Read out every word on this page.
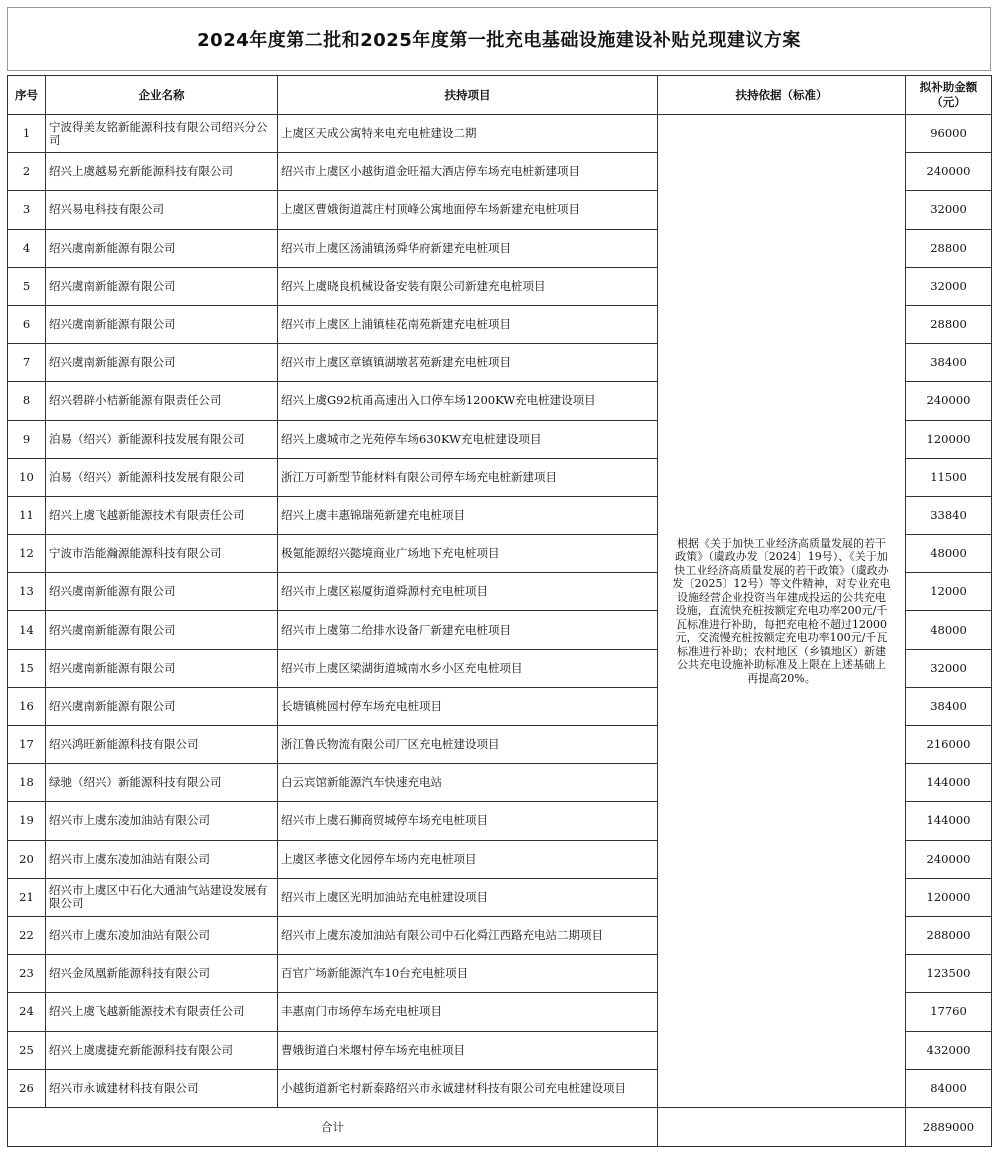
2024年度第二批和2025年度第一批充电基础设施建设补贴兑现建议方案
序号	企业名称	扶持项目	扶持依据（标准）	拟补助金额
（元）

1	宁波得美友铭新能源科技有限公司绍兴分公司	上虞区天成公寓特来电充电桩建设二期	根据《关于加快工业经济高质量发展的若干政策》（虞政办发〔2024〕19号）、《关于加快工业经济高质量发展的若干政策》（虞政办发〔2025〕12号）等文件精神，对专业充电设施经营企业投资当年建成投运的公共充电设施，直流快充桩按额定充电功率200元/千瓦标准进行补助，每把充电枪不超过12000元，交流慢充桩按额定充电功率100元/千瓦标准进行补助；农村地区（乡镇地区）新建公共充电设施补助标准及上限在上述基础上再提高20%。	96000

2	绍兴上虞越易充新能源科技有限公司	绍兴市上虞区小越街道金旺福大酒店停车场充电桩新建项目		240000

3	绍兴易电科技有限公司	上虞区曹娥街道蒿庄村顶峰公寓地面停车场新建充电桩项目		32000

4	绍兴虞南新能源有限公司	绍兴市上虞区汤浦镇汤舜华府新建充电桩项目		28800

5	绍兴虞南新能源有限公司	绍兴上虞晓良机械设备安装有限公司新建充电桩项目		32000

6	绍兴虞南新能源有限公司	绍兴市上虞区上浦镇桂花南苑新建充电桩项目		28800

7	绍兴虞南新能源有限公司	绍兴市上虞区章镇镇湖墩茗苑新建充电桩项目		38400

8	绍兴碧辟小桔新能源有限责任公司	绍兴上虞G92杭甬高速出入口停车场1200KW充电桩建设项目		240000

9	泊易（绍兴）新能源科技发展有限公司	绍兴上虞城市之光苑停车场630KW充电桩建设项目		120000

10	泊易（绍兴）新能源科技发展有限公司	浙江万可新型节能材料有限公司停车场充电桩新建项目		11500

11	绍兴上虞飞越新能源技术有限责任公司	绍兴上虞丰惠锦瑞苑新建充电桩项目		33840

12	宁波市浩能瀚源能源科技有限公司	极氪能源绍兴懿境商业广场地下充电桩项目		48000

13	绍兴虞南新能源有限公司	绍兴市上虞区崧厦街道舜源村充电桩项目		12000

14	绍兴虞南新能源有限公司	绍兴市上虞第二给排水设备厂新建充电桩项目		48000

15	绍兴虞南新能源有限公司	绍兴市上虞区梁湖街道城南水乡小区充电桩项目		32000

16	绍兴虞南新能源有限公司	长塘镇桃园村停车场充电桩项目		38400

17	绍兴鸿旺新能源科技有限公司	浙江鲁氏物流有限公司厂区充电桩建设项目		216000

18	绿驰（绍兴）新能源科技有限公司	白云宾馆新能源汽车快速充电站		144000

19	绍兴市上虞东凌加油站有限公司	绍兴市上虞石狮商贸城停车场充电桩项目		144000

20	绍兴市上虞东凌加油站有限公司	上虞区孝德文化园停车场内充电桩项目		240000

21	绍兴市上虞区中石化大通油气站建设发展有限公司	绍兴市上虞区光明加油站充电桩建设项目		120000

22	绍兴市上虞东凌加油站有限公司	绍兴市上虞东凌加油站有限公司中石化舜江西路充电站二期项目		288000

23	绍兴金凤凰新能源科技有限公司	百官广场新能源汽车10台充电桩项目		123500

24	绍兴上虞飞越新能源技术有限责任公司	丰惠南门市场停车场充电桩项目		17760

25	绍兴上虞虞捷充新能源科技有限公司	曹娥街道白米堰村停车场充电桩项目		432000

26	绍兴市永诚建材科技有限公司	小越街道新宅村新泰路绍兴市永诚建材科技有限公司充电桩建设项目		84000

合计				2889000
